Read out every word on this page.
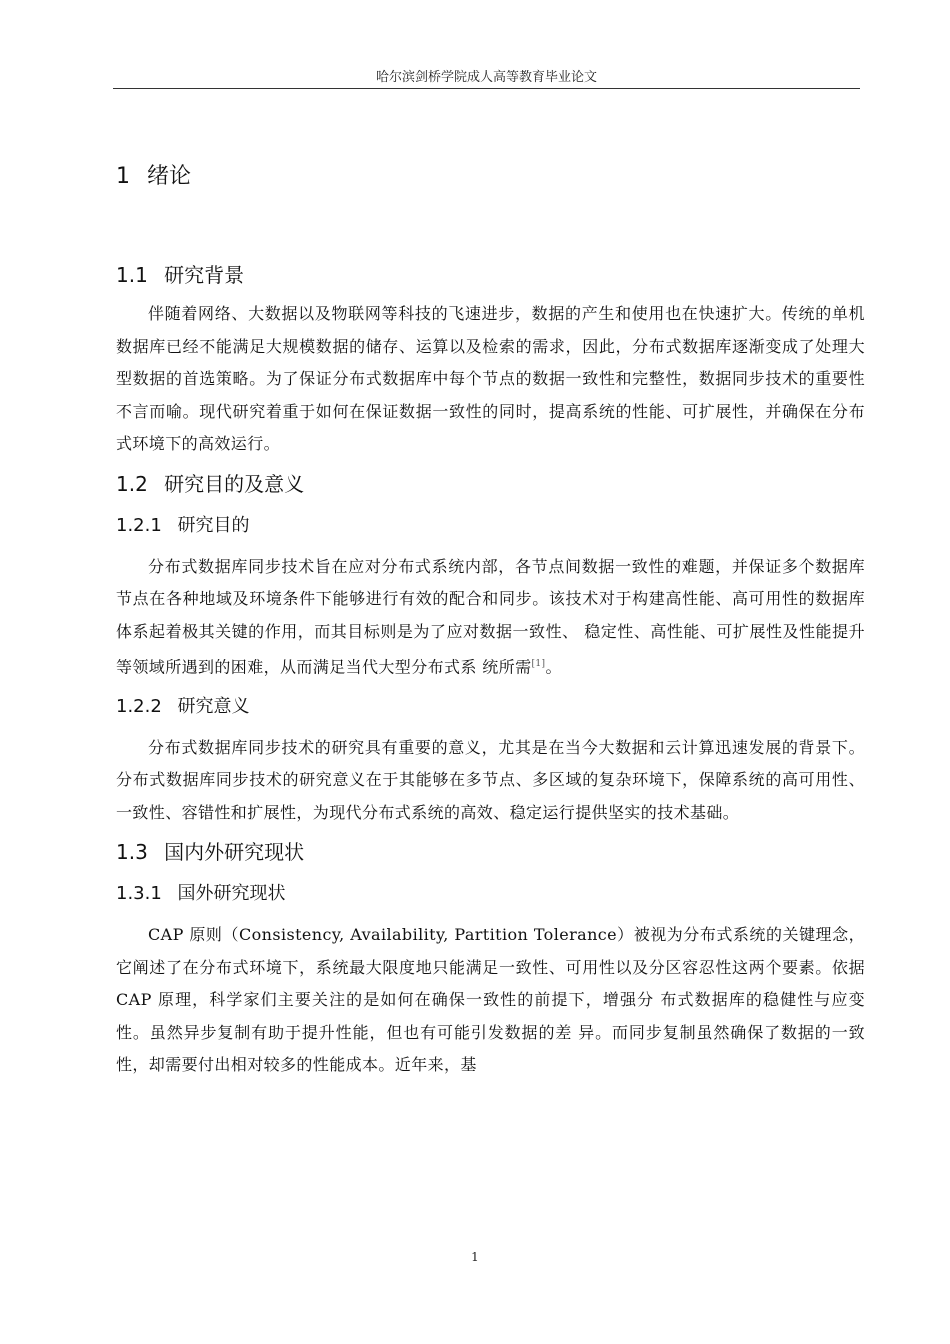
哈尔滨剑桥学院成人高等教育毕业论文
1 绪论
1.1 研究背景

伴随着网络、大数据以及物联网等科技的飞速进步，数据的产生和使用也在快速扩大。传统的单机数据库已经不能满足大规模数据的储存、运算以及检索的需求，因此，分布式数据库逐渐变成了处理大型数据的首选策略。为了保证分布式数据库中每个节点的数据一致性和完整性，数据同步技术的重要性不言而喻。现代研究着重于如何在保证数据一致性的同时，提高系统的性能、可扩展性，并确保在分布式环境下的高效运行。

1.2 研究目的及意义
1.2.1 研究目的

分布式数据库同步技术旨在应对分布式系统内部，各节点间数据一致性的难题，并保证多个数据库节点在各种地域及环境条件下能够进行有效的配合和同步。该技术对于构建高性能、高可用性的数据库体系起着极其关键的作用，而其目标则是为了应对数据一致性、 稳定性、高性能、可扩展性及性能提升等领域所遇到的困难，从而满足当代大型分布式系 统所需[1]。

1.2.2 研究意义

分布式数据库同步技术的研究具有重要的意义，尤其是在当今大数据和云计算迅速发展的背景下。分布式数据库同步技术的研究意义在于其能够在多节点、多区域的复杂环境下，保障系统的高可用性、一致性、容错性和扩展性，为现代分布式系统的高效、稳定运行提供坚实的技术基础。

1.3 国内外研究现状
1.3.1 国外研究现状

CAP 原则（Consistency, Availability, Partition Tolerance）被视为分布式系统的关键理念，它阐述了在分布式环境下，系统最大限度地只能满足一致性、可用性以及分区容忍性这两个要素。依据 CAP 原理，科学家们主要关注的是如何在确保一致性的前提下，增强分 布式数据库的稳健性与应变性。虽然异步复制有助于提升性能，但也有可能引发数据的差 异。而同步复制虽然确保了数据的一致性，却需要付出相对较多的性能成本。近年来，基

1
